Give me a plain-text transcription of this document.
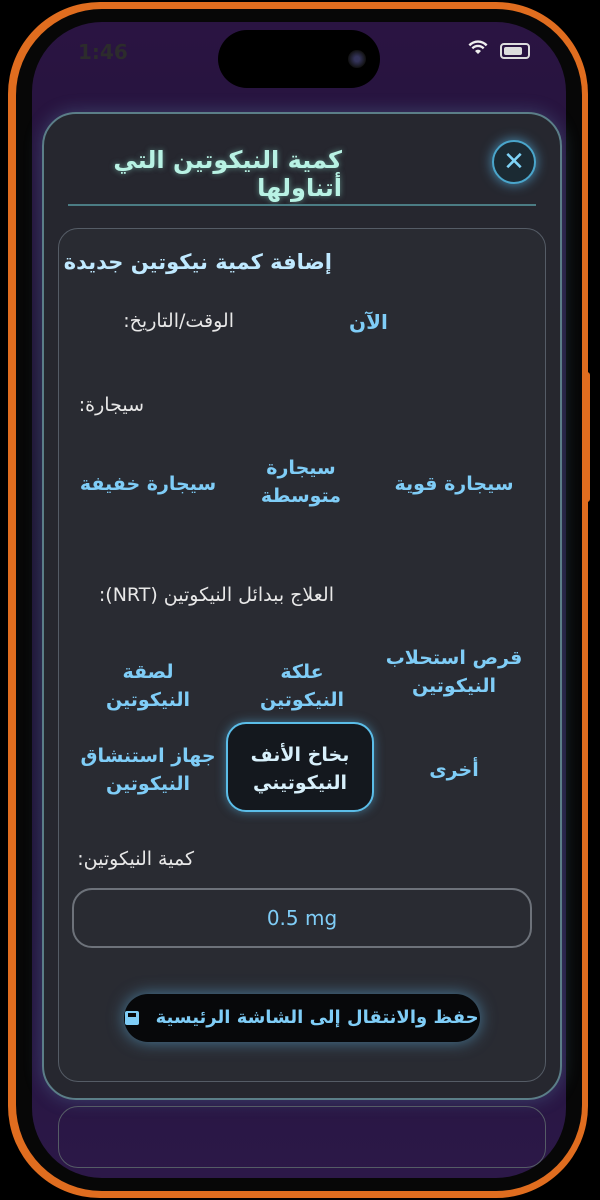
1:46

كمية النيكوتين التي أتناولها
✕
إضافة كمية نيكوتين جديدة
الوقت/التاريخ:	الآن
سيجارة:
سيجارة قوية
سيجارة متوسطة
سيجارة خفيفة
العلاج ببدائل النيكوتين (NRT):
قرص استحلاب النيكوتين
علكة النيكوتين
لصقة النيكوتين
أخرى
بخاخ الأنف النيكوتيني
جهاز استنشاق النيكوتين
كمية النيكوتين:
0.5 mg
حفظ والانتقال إلى الشاشة الرئيسية
